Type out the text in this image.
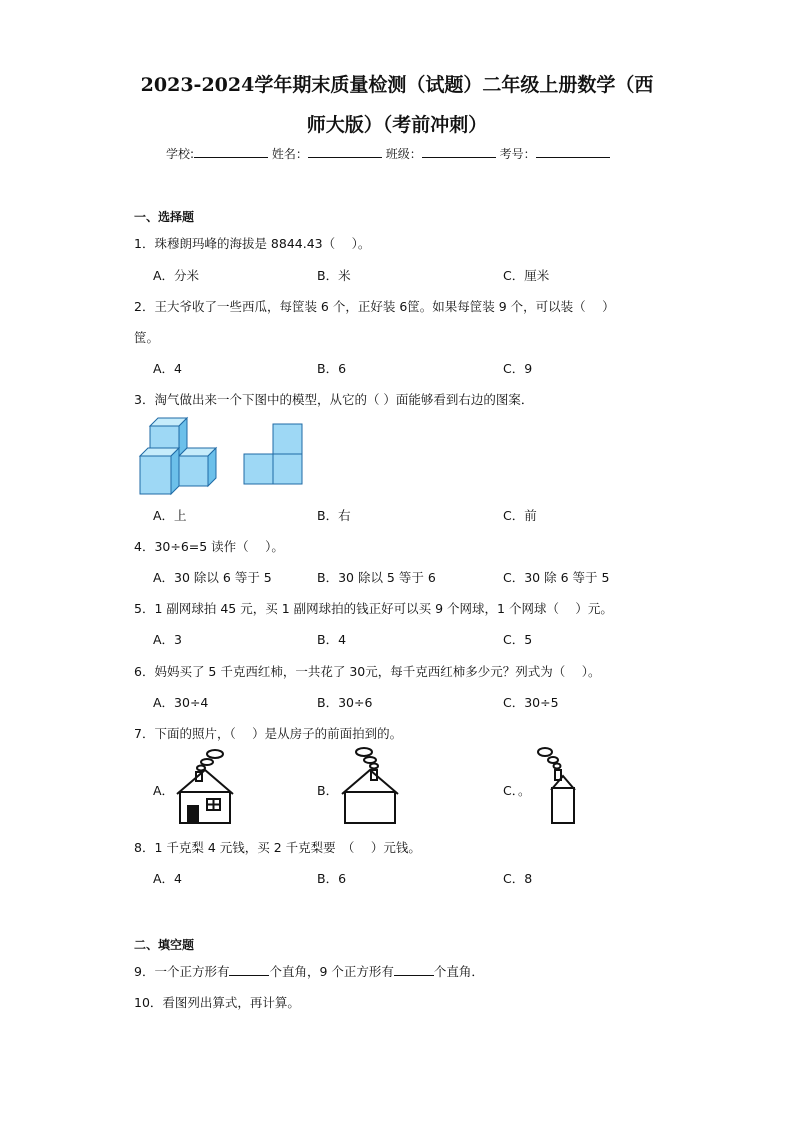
2023-2024学年期末质量检测（试题）二年级上册数学（西
师大版）（考前冲刺）
学校:	姓名：	班级：	考号：
一、选择题
1．珠穆朗玛峰的海拔是 8844.43（　 ）。
A．分米	B．米	C．厘米
2．王大爷收了一些西瓜，每筐装 6 个，正好装 6筐。如果每筐装 9 个，可以装（　 ）
筐。
A．4	B．6	C．9
3．淘气做出来一个下图中的模型，从它的（ ）面能够看到右边的图案．
A．上	B．右	C．前
4．30÷6=5 读作（　 ）。
A．30 除以 6 等于 5	B．30 除以 5 等于 6	C．30 除 6 等于 5
5．1 副网球拍 45 元，买 1 副网球拍的钱正好可以买 9 个网球，1 个网球（　 ）元。
A．3	B．4	C．5
6．妈妈买了 5 千克西红柿，一共花了 30元，每千克西红柿多少元？列式为（　 ）。
A．30÷4	B．30÷6	C．30÷5
7．下面的照片，（　 ）是从房子的前面拍到的。
A．	B．	C．。
8．1 千克梨 4 元钱，买 2 千克梨要　（　 ）元钱。
A．4	B．6	C．8
二、填空题
9．一个正方形有	个直角，9 个正方形有	个直角．
10．看图列出算式，再计算。
